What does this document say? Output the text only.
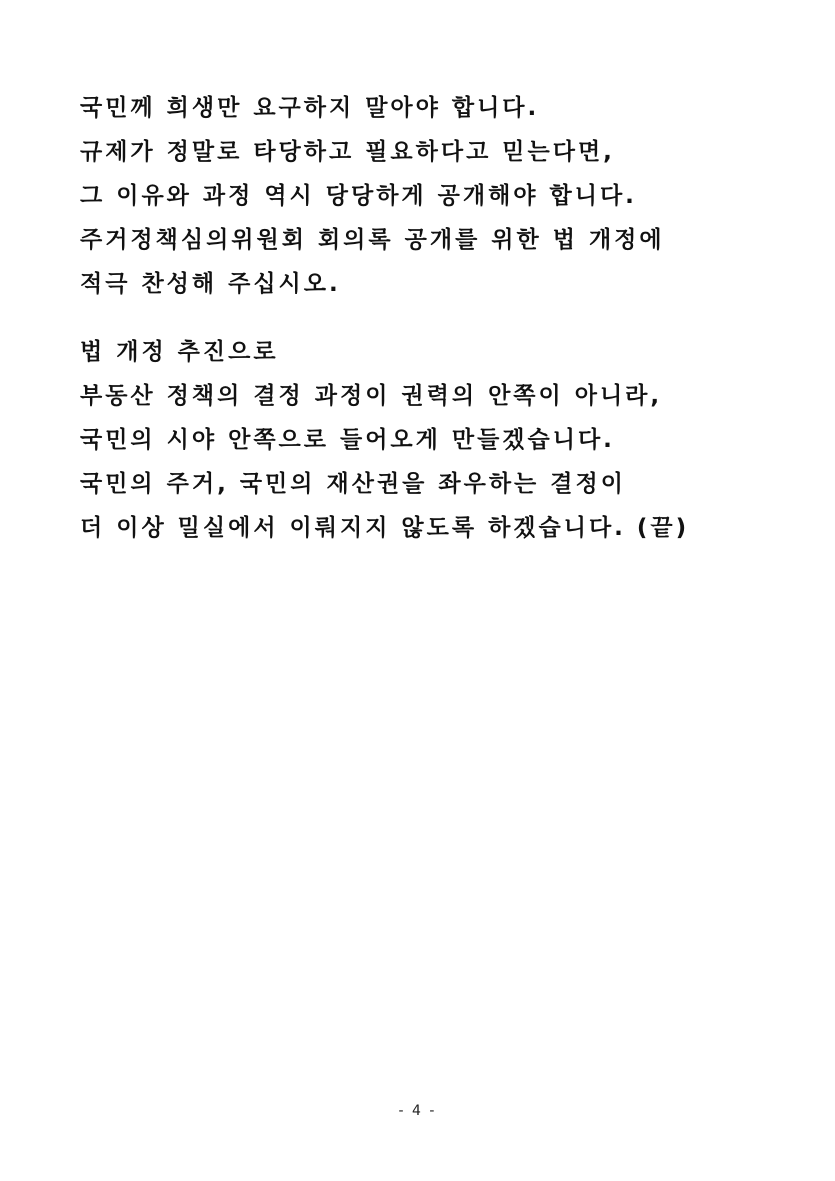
국민께 희생만 요구하지 말아야 합니다.
규제가 정말로 타당하고 필요하다고 믿는다면,
그 이유와 과정 역시 당당하게 공개해야 합니다.
주거정책심의위원회 회의록 공개를 위한 법 개정에
적극 찬성해 주십시오.
법 개정 추진으로
부동산 정책의 결정 과정이 권력의 안쪽이 아니라,
국민의 시야 안쪽으로 들어오게 만들겠습니다.
국민의 주거, 국민의 재산권을 좌우하는 결정이
더 이상 밀실에서 이뤄지지 않도록 하겠습니다. (끝)
- 4 -
